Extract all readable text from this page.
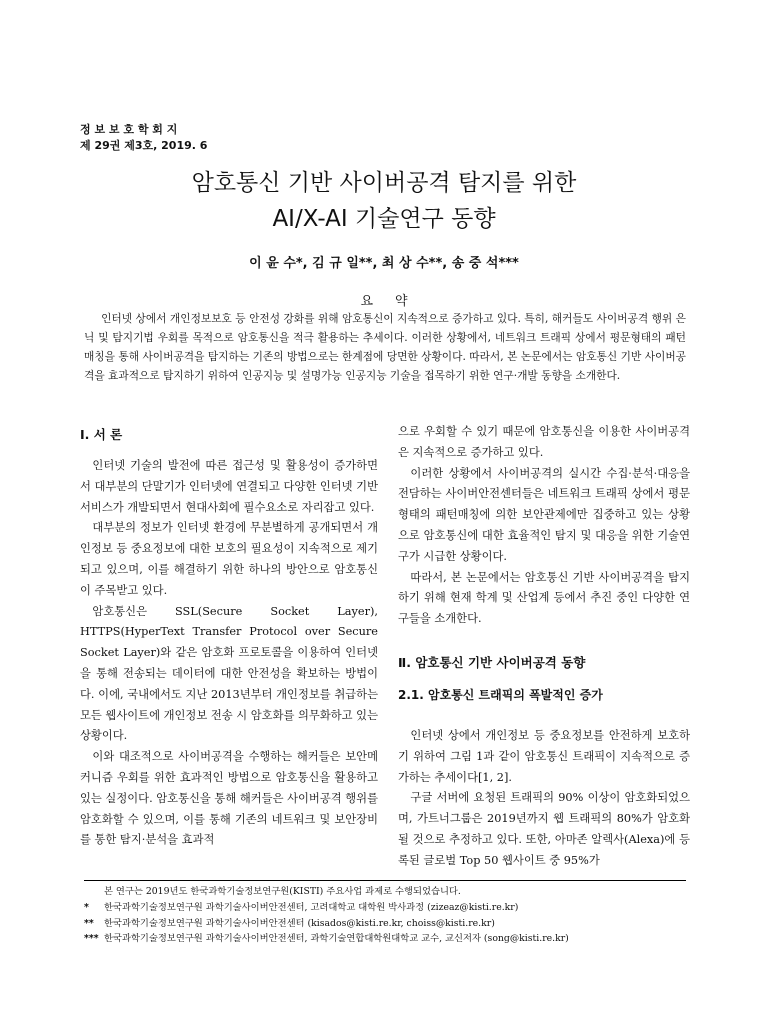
정 보 보 호 학 회 지
제 29권 제3호, 2019. 6
암호통신 기반 사이버공격 탐지를 위한
AI/X-AI 기술연구 동향
이 윤 수*, 김 규 일**, 최 상 수**, 송 중 석***
요약

인터넷 상에서 개인정보보호 등 안전성 강화를 위해 암호통신이 지속적으로 증가하고 있다. 특히, 해커들도 사이버공격 행위 은닉 및 탐지기법 우회를 목적으로 암호통신을 적극 활용하는 추세이다. 이러한 상황에서, 네트워크 트래픽 상에서 평문형태의 패턴매칭을 통해 사이버공격을 탐지하는 기존의 방법으로는 한계점에 당면한 상황이다. 따라서, 본 논문에서는 암호통신 기반 사이버공격을 효과적으로 탐지하기 위하여 인공지능 및 설명가능 인공지능 기술을 접목하기 위한 연구·개발 동향을 소개한다.

Ⅰ. 서 론

인터넷 기술의 발전에 따른 접근성 및 활용성이 증가하면서 대부분의 단말기가 인터넷에 연결되고 다양한 인터넷 기반 서비스가 개발되면서 현대사회에 필수요소로 자리잡고 있다.

대부분의 정보가 인터넷 환경에 무분별하게 공개되면서 개인정보 등 중요정보에 대한 보호의 필요성이 지속적으로 제기되고 있으며, 이를 해결하기 위한 하나의 방안으로 암호통신이 주목받고 있다.

암호통신은 SSL(Secure Socket Layer), HTTPS(HyperText Transfer Protocol over Secure Socket Layer)와 같은 암호화 프로토콜을 이용하여 인터넷을 통해 전송되는 데이터에 대한 안전성을 확보하는 방법이다. 이에, 국내에서도 지난 2013년부터 개인정보를 취급하는 모든 웹사이트에 개인정보 전송 시 암호화를 의무화하고 있는 상황이다.

이와 대조적으로 사이버공격을 수행하는 해커들은 보안메커니즘 우회를 위한 효과적인 방법으로 암호통신을 활용하고 있는 실정이다. 암호통신을 통해 해커들은 사이버공격 행위를 암호화할 수 있으며, 이를 통해 기존의 네트워크 및 보안장비를 통한 탐지·분석을 효과적

으로 우회할 수 있기 때문에 암호통신을 이용한 사이버공격은 지속적으로 증가하고 있다.

이러한 상황에서 사이버공격의 실시간 수집·분석·대응을 전담하는 사이버안전센터들은 네트워크 트래픽 상에서 평문형태의 패턴매칭에 의한 보안관제에만 집중하고 있는 상황으로 암호통신에 대한 효율적인 탐지 및 대응을 위한 기술연구가 시급한 상황이다.

따라서, 본 논문에서는 암호통신 기반 사이버공격을 탐지하기 위해 현재 학계 및 산업계 등에서 추진 중인 다양한 연구들을 소개한다.

Ⅱ. 암호통신 기반 사이버공격 동향
2.1. 암호통신 트래픽의 폭발적인 증가

인터넷 상에서 개인정보 등 중요정보를 안전하게 보호하기 위하여 그림 1과 같이 암호통신 트래픽이 지속적으로 증가하는 추세이다[1, 2].

구글 서버에 요청된 트래픽의 90% 이상이 암호화되었으며, 가트너그룹은 2019년까지 웹 트래픽의 80%가 암호화될 것으로 추정하고 있다. 또한, 아마존 알렉사(Alexa)에 등록된 글로벌 Top 50 웹사이트 중 95%가

본 연구는 2019년도 한국과학기술정보연구원(KISTI) 주요사업 과제로 수행되었습니다.
*	한국과학기술정보연구원 과학기술사이버안전센터, 고려대학교 대학원 박사과정 (zizeaz@kisti.re.kr)
**	한국과학기술정보연구원 과학기술사이버안전센터 (kisados@kisti.re.kr, choiss@kisti.re.kr)
*** 한국과학기술정보연구원 과학기술사이버안전센터, 과학기술연합대학원대학교 교수, 교신저자 (song@kisti.re.kr)
